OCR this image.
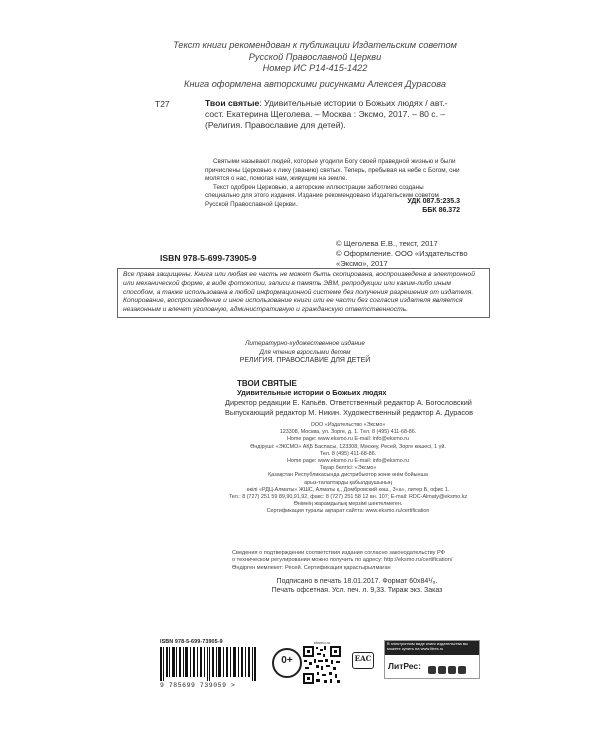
Текст книги рекомендован к публикации Издательским советом
Русской Православной Церкви
Номер ИС Р14-415-1422
Книга оформлена авторскими рисунками Алексея Дурасова
Т27	Твои святые: Удивительные истории о Божьих людях / авт.-сост. Екатерина Щеголева. – Москва : Эксмо, 2017. – 80 с. – (Религия. Православие для детей).

Святыми называют людей, которые угодили Богу своей праведной жизнью и были причислены Церковью к лику (званию) святых. Теперь, пребывая на небе с Богом, они молятся о нас, помогая нам, живущим на земле.

Текст одобрен Церковью, а авторские иллюстрации заботливо созданы специально для этого издания. Издание рекомендовано Издательским советом Русской Православной Церкви.	УДК 087.5:235.3
ББК 86.372
© Щеголева Е.В., текст, 2017
© Оформление. ООО «Издательство «Эксмо», 2017
ISBN 978-5-699-73905-9
Все права защищены. Книга или любая ее часть не может быть скопирована, воспроизведена в электронной или механической форме, в виде фотокопии, записи в память ЭВМ, репродукции или каким-либо иным способом, а также использована в любой информационной системе без получения разрешения от издателя. Копирование, воспроизведение и иное использование книги или ее части без согласия издателя является незаконным и влечет уголовную, административную и гражданскую ответственность.
Литературно-художественное издание
Для чтения взрослыми детям
РЕЛИГИЯ. ПРАВОСЛАВИЕ ДЛЯ ДЕТЕЙ
ТВОИ СВЯТЫЕ
Удивительные истории о Божьих людях
Директор редакции Е. Капьёв. Ответственный редактор А. Богословский
Выпускающий редактор М. Никин. Художественный редактор А. Дурасов
ООО «Издательство «Эксмо»
123308, Москва, ул. Зорге, д. 1. Тел. 8 (495) 411-68-86.
Home page: www.eksmo.ru E-mail: info@eksmo.ru
Өндіруші: «ЭКСМО» АҚБ Баспасы, 123308, Мәскеу, Ресей, Зорге көшесі, 1 үй.
Тел. 8 (495) 411-68-86.
Home page: www.eksmo.ru E-mail: info@eksmo.ru
Тауар белгісі: «Эксмо»
Қазақстан Республикасында дистрибьютор және өнім бойынша
арыз-талаптарды қабылдаушының
өкілі «РДЦ-Алматы» ЖШС, Алматы қ., Домбровский көш., 3«а», литер Б, офис 1.
Тел.: 8 (727) 251 59 89,90,91,92, факс: 8 (727) 251 58 12 вн. 107; E-mail: RDC-Almaty@eksmo.kz
Өнімнің жарамдылық мерзімі шектелмеген.
Сертификация туралы ақпарат сайтта: www.eksmo.ru/certification
Сведения о подтверждении соответствия издания согласно законодательству РФ
о техническом регулировании можно получить по адресу: http://eksmo.ru/certification/
Өндірген мемлекет: Ресей. Сертификация қарастырылмаған
Подписано в печать 18.01.2017. Формат 60x84¹/₈.
Печать офсетная. Усл. печ. л. 9,33. Тираж экз. Заказ
ISBN 978-5-699-73905-9
9 785699 739059 >
0+
eksmo.ru
EAC
В электронном виде книги издательства вы можете купить на www.litres.ru
ЛитРес:
